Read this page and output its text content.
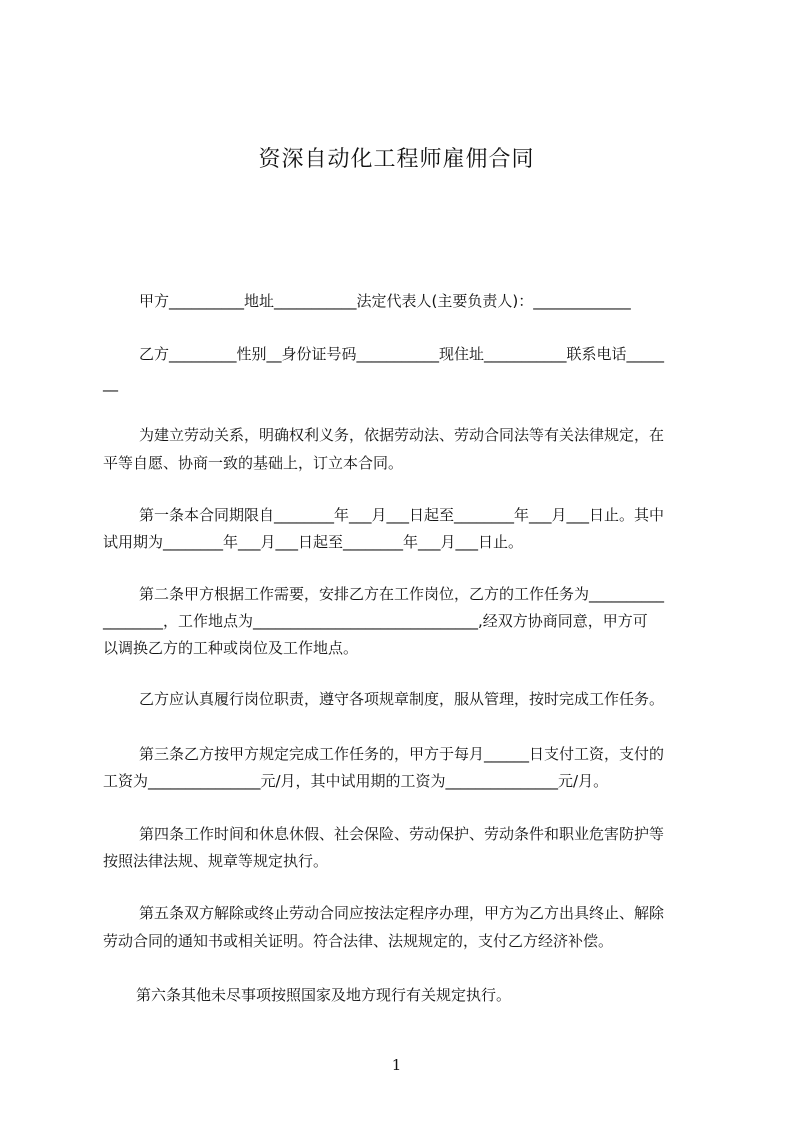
资深自动化工程师雇佣合同
甲方__________地址___________法定代表人(主要负责人)：_____________
乙方_________性别__身份证号码___________现住址___________联系电话_____
__
为建立劳动关系，明确权利义务，依据劳动法、劳动合同法等有关法律规定，在
平等自愿、协商一致的基础上，订立本合同。
第一条本合同期限自________年___月___日起至________年___月___日止。其中
试用期为________年___月___日起至________年___月___日止。
第二条甲方根据工作需要，安排乙方在工作岗位，乙方的工作任务为__________
________，工作地点为______________________________,经双方协商同意，甲方可
以调换乙方的工种或岗位及工作地点。
乙方应认真履行岗位职责，遵守各项规章制度，服从管理，按时完成工作任务。
第三条乙方按甲方规定完成工作任务的，甲方于每月______日支付工资，支付的
工资为_______________元/月，其中试用期的工资为_______________元/月。
第四条工作时间和休息休假、社会保险、劳动保护、劳动条件和职业危害防护等
按照法律法规、规章等规定执行。
第五条双方解除或终止劳动合同应按法定程序办理，甲方为乙方出具终止、解除
劳动合同的通知书或相关证明。符合法律、法规规定的，支付乙方经济补偿。
第六条其他未尽事项按照国家及地方现行有关规定执行。
1
